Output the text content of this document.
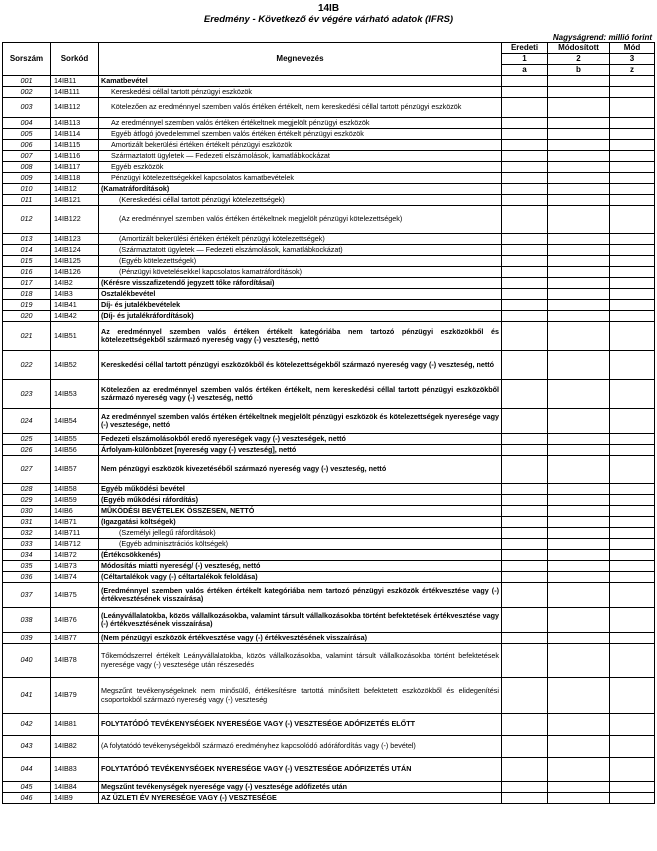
14IB
Eredmény - Következő év végére várható adatok (IFRS)
Nagyságrend: millió forint
Sorszám	Sorkód	Megnevezés	Eredeti	Módosított	Mód
			1	2	3
			a	b	z
001	14IB11	Kamatbevétel			
002	14IB111	Kereskedési céllal tartott pénzügyi eszközök			
003	14IB112	Kötelezően az eredménnyel szemben valós értéken értékelt, nem kereskedési céllal tartott pénzügyi eszközök			
004	14IB113	Az eredménnyel szemben valós értéken értékeltnek megjelölt pénzügyi eszközök			
005	14IB114	Egyéb átfogó jövedelemmel szemben valós értéken értékelt pénzügyi eszközök			
006	14IB115	Amortizált bekerülési értéken értékelt pénzügyi eszközök			
007	14IB116	Származtatott ügyletek — Fedezeti elszámolások, kamatlábkockázat			
008	14IB117	Egyéb eszközök			
009	14IB118	Pénzügyi kötelezettségekkel kapcsolatos kamatbevételek			
010	14IB12	(Kamatráfordítások)			
011	14IB121	(Kereskedési céllal tartott pénzügyi kötelezettségek)			
012	14IB122	(Az eredménnyel szemben valós értéken értékeltnek megjelölt pénzügyi kötelezettségek)			
013	14IB123	(Amortizált bekerülési értéken értékelt pénzügyi kötelezettségek)			
014	14IB124	(Származtatott ügyletek — Fedezeti elszámolások, kamatlábkockázat)			
015	14IB125	(Egyéb kötelezettségek)			
016	14IB126	(Pénzügyi követelésekkel kapcsolatos kamatráfordítások)			
017	14IB2	(Kérésre visszafizetendő jegyzett tőke ráfordításai)			
018	14IB3	Osztalékbevétel			
019	14IB41	Díj- és jutalékbevételek			
020	14IB42	(Díj- és jutalékráfordítások)			
021	14IB51	Az eredménnyel szemben valós értéken értékelt kategóriába nem tartozó pénzügyi eszközökből és kötelezettségekből származó nyereség vagy (-) veszteség, nettó			
022	14IB52	Kereskedési céllal tartott pénzügyi eszközökből és kötelezettségekből származó nyereség vagy (-) veszteség, nettó			
023	14IB53	Kötelezően az eredménnyel szemben valós értéken értékelt, nem kereskedési céllal tartott pénzügyi eszközökből származó nyereség vagy (-) veszteség, nettó			
024	14IB54	Az eredménnyel szemben valós értéken értékeltnek megjelölt pénzügyi eszközök és kötelezettségek nyeresége vagy (-) vesztesége, nettó			
025	14IB55	Fedezeti elszámolásokból eredő nyereségek vagy (-) veszteségek, nettó			
026	14IB56	Árfolyam-különbözet [nyereség vagy (-) veszteség], nettó			
027	14IB57	Nem pénzügyi eszközök kivezetéséből származó nyereség vagy (-) veszteség, nettó			
028	14IB58	Egyéb működési bevétel			
029	14IB59	(Egyéb működési ráfordítás)			
030	14IB6	MŰKÖDÉSI BEVÉTELEK ÖSSZESEN, NETTÓ			
031	14IB71	(Igazgatási költségek)			
032	14IB711	(Személyi jellegű ráfordítások)			
033	14IB712	(Egyéb adminisztrációs költségek)			
034	14IB72	(Értékcsökkenés)			
035	14IB73	Módosítás miatti nyereség/ (-) veszteség, nettó			
036	14IB74	(Céltartalékok vagy (-) céltartalékok feloldása)			
037	14IB75	(Eredménnyel szemben valós értéken értékelt kategóriába nem tartozó pénzügyi eszközök értékvesztése vagy (-) értékvesztésének visszaírása)			
038	14IB76	(Leányvállalatokba, közös vállalkozásokba, valamint társult vállalkozásokba történt befektetések értékvesztése vagy (-) értékvesztésének visszaírása)			
039	14IB77	(Nem pénzügyi eszközök értékvesztése vagy (-) értékvesztésének visszaírása)			
040	14IB78	Tőkemódszerrel értékelt Leányvállalatokba, közös vállalkozásokba, valamint társult vállalkozásokba történt befektetések nyeresége vagy (-) vesztesége után részesedés			
041	14IB79	Megszűnt tevékenységeknek nem minősülő, értékesítésre tartottá minősített befektetett eszközökből és elidegenítési csoportokból származó nyereség vagy (-) veszteség			
042	14IB81	FOLYTATÓDÓ TEVÉKENYSÉGEK NYERESÉGE VAGY (-) VESZTESÉGE ADÓFIZETÉS ELŐTT			
043	14IB82	(A folytatódó tevékenységekből származó eredményhez kapcsolódó adóráfordítás vagy (-) bevétel)			
044	14IB83	FOLYTATÓDÓ TEVÉKENYSÉGEK NYERESÉGE VAGY (-) VESZTESÉGE ADÓFIZETÉS UTÁN			
045	14IB84	Megszűnt tevékenységek nyeresége vagy (-) vesztesége adófizetés után			
046	14IB9	AZ ÜZLETI ÉV NYERESÉGE VAGY (-) VESZTESÉGE			
